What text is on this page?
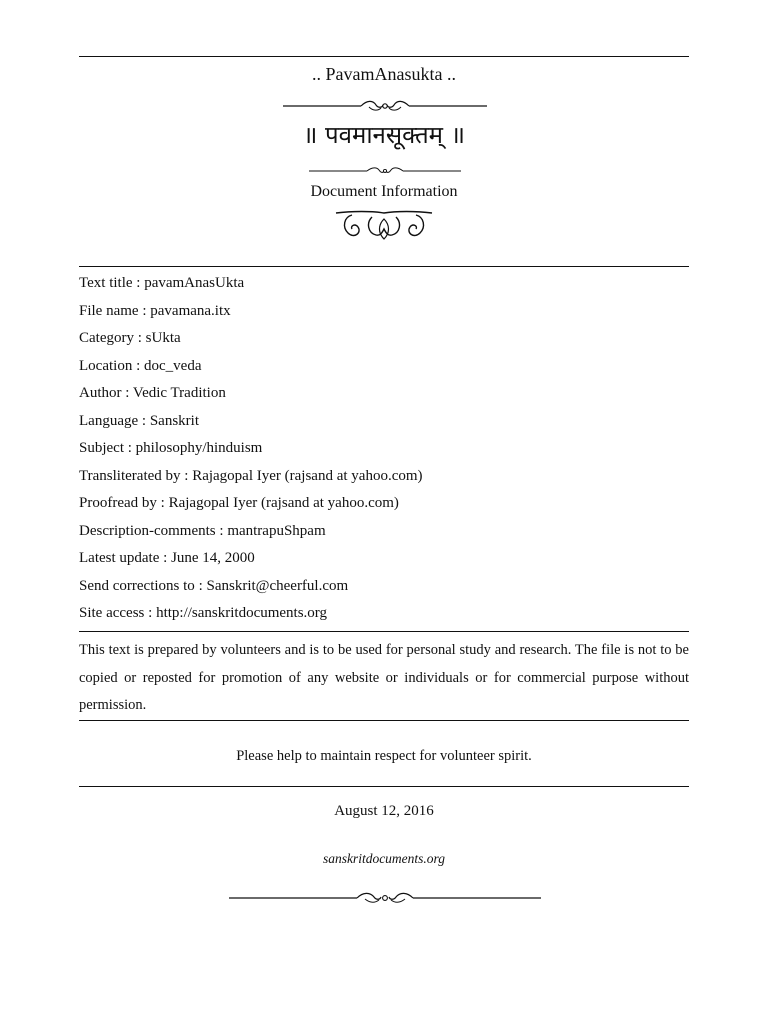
.. PavamAnasukta ..
॥ पवमानसूक्तम् ॥
Document Information
Text title : pavamAnasUkta
File name : pavamana.itx
Category : sUkta
Location : doc_veda
Author : Vedic Tradition
Language : Sanskrit
Subject : philosophy/hinduism
Transliterated by : Rajagopal Iyer (rajsand at yahoo.com)
Proofread by : Rajagopal Iyer (rajsand at yahoo.com)
Description-comments : mantrapuShpam
Latest update : June 14, 2000
Send corrections to : Sanskrit@cheerful.com
Site access : http://sanskritdocuments.org
This text is prepared by volunteers and is to be used for personal study and research. The file is not to be copied or reposted for promotion of any website or individuals or for commercial purpose without permission.
Please help to maintain respect for volunteer spirit.
August 12, 2016
sanskritdocuments.org
